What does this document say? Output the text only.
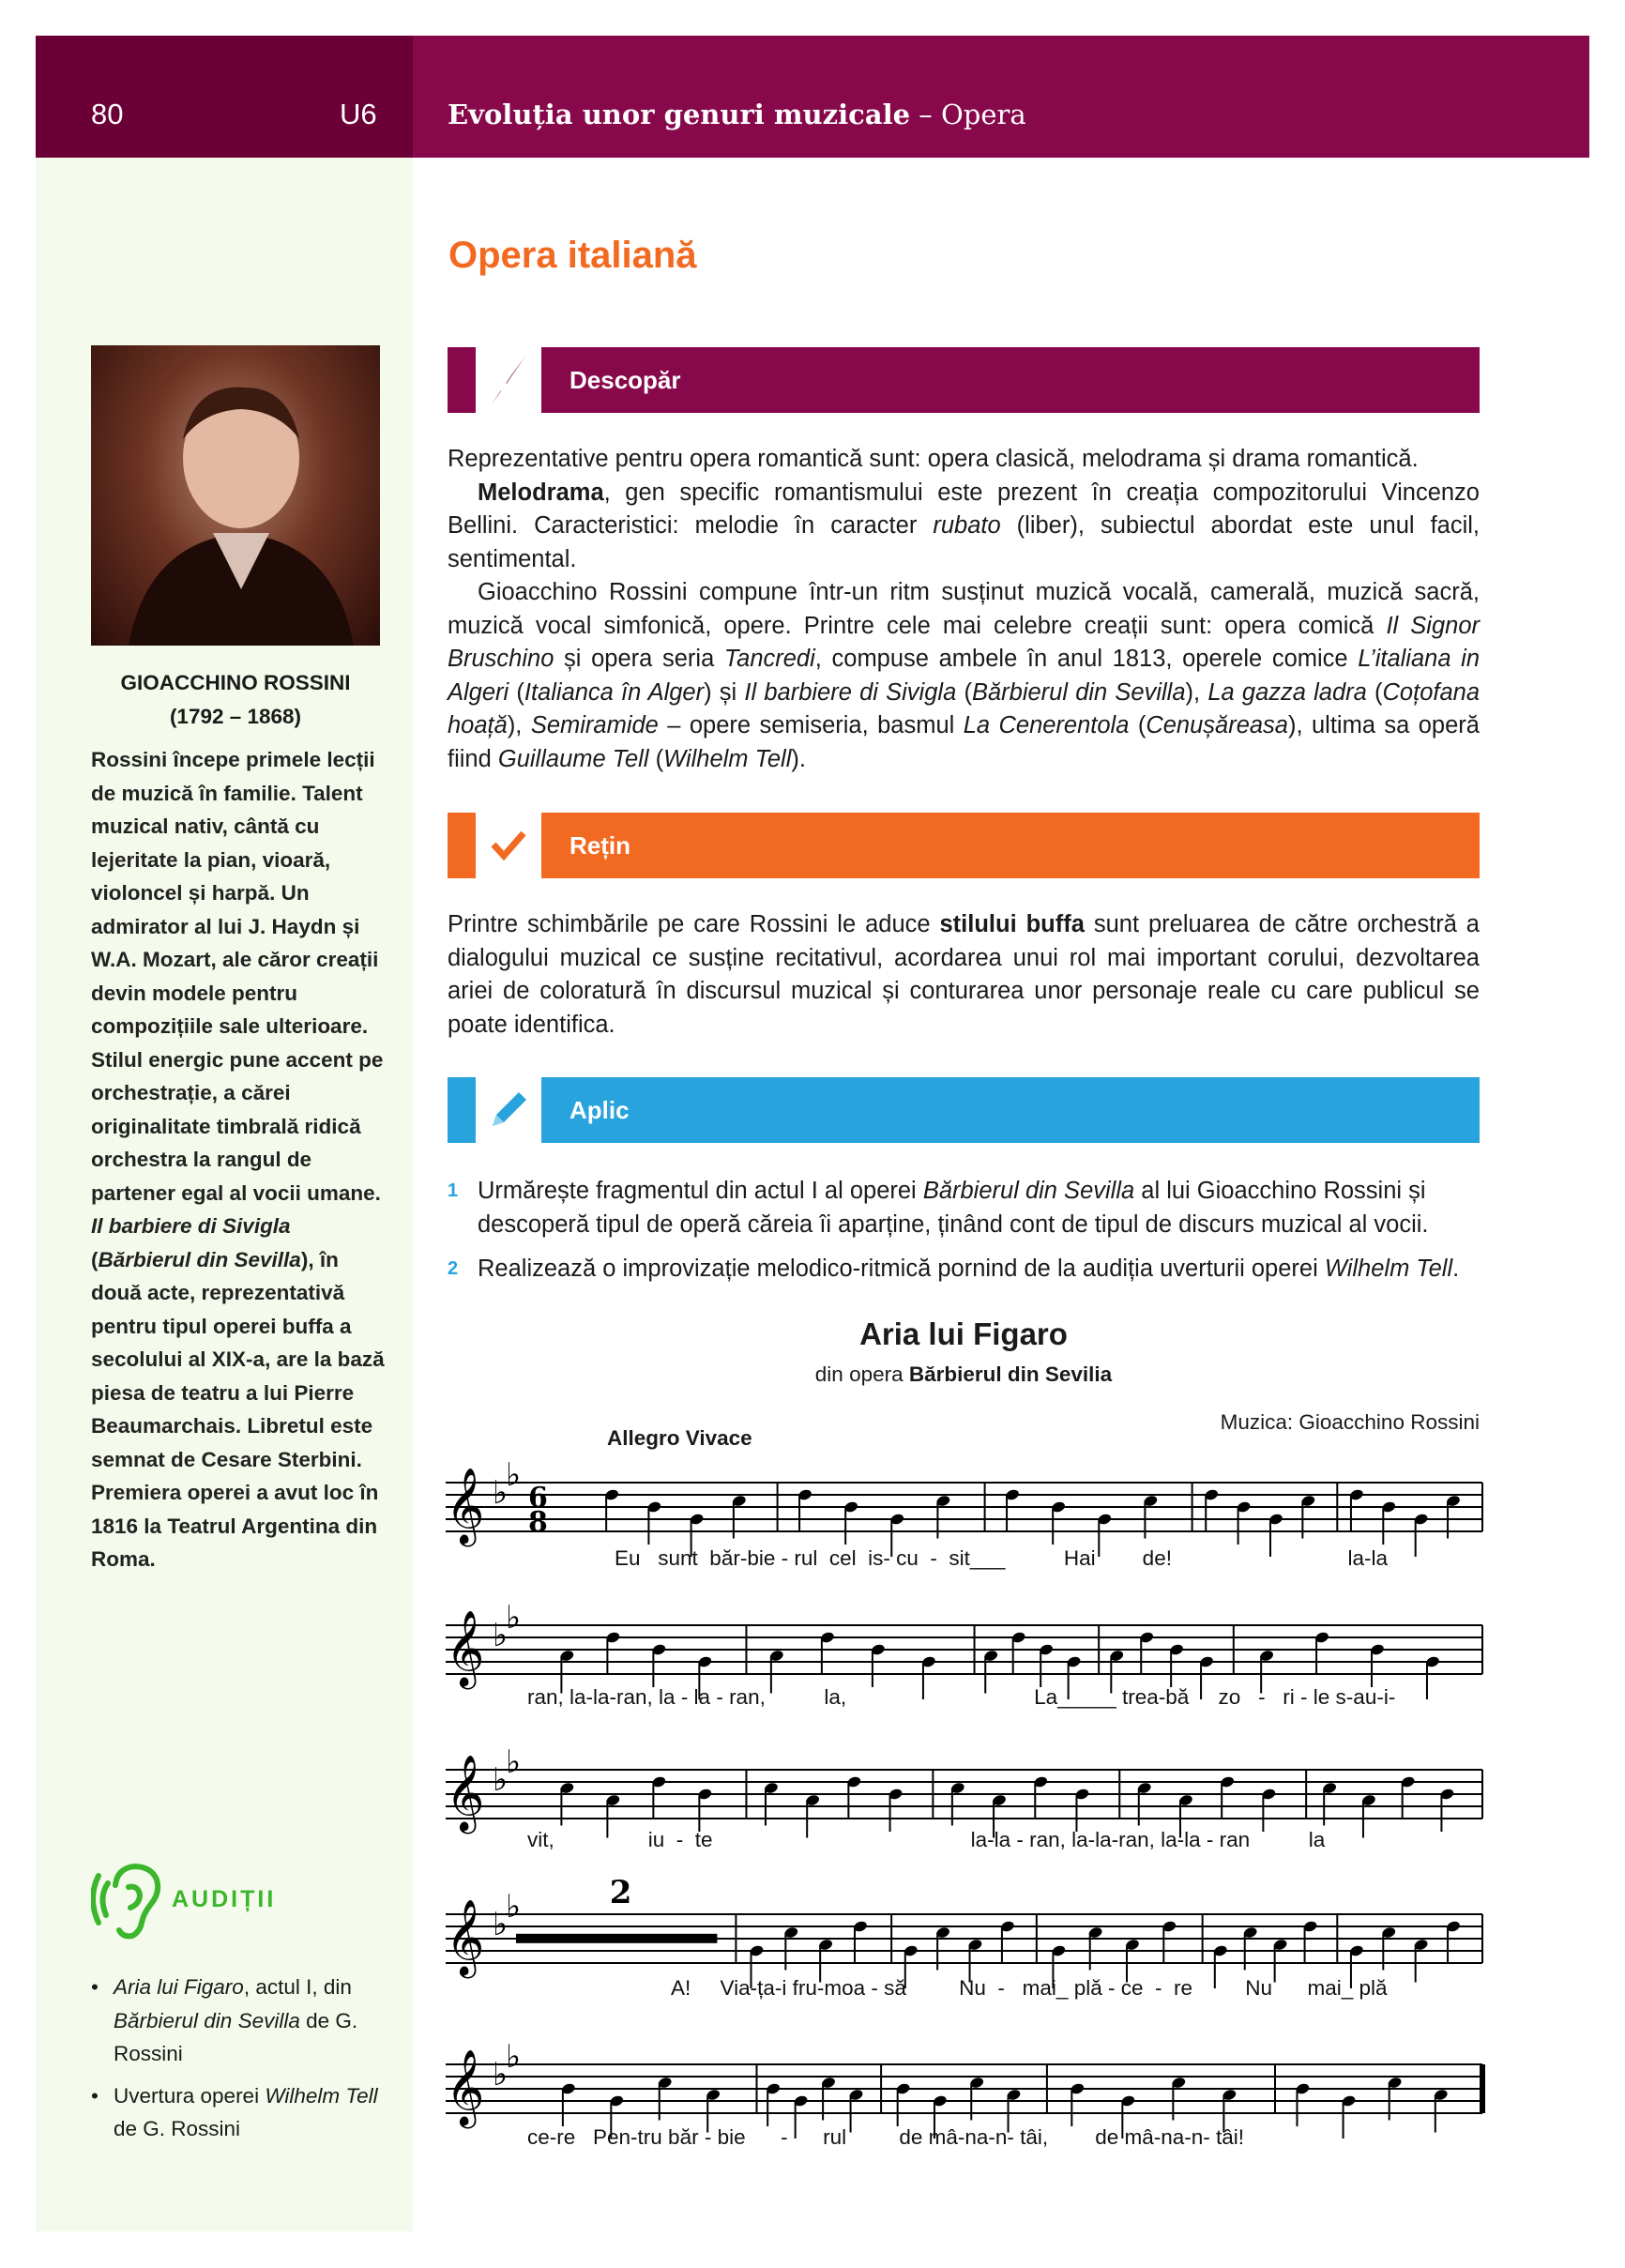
80	U6	Evoluția unor genuri muzicale – Opera
GIOACCHINO ROSSINI
(1792 – 1868)
Rossini începe primele lecții de muzică în familie. Talent muzical nativ, cântă cu lejeritate la pian, vioară, violoncel și harpă. Un admirator al lui J. Haydn și W.A. Mozart, ale căror creații devin modele pentru compozițiile sale ulterioare. Stilul energic pune accent pe orchestrație, a cărei originalitate timbrală ridică orchestra la rangul de partener egal al vocii umane.
Il barbiere di Sivigla (Bărbierul din Sevilla), în două acte, reprezentativă pentru tipul operei buffa a secolului al XIX-a, are la bază piesa de teatru a lui Pierre Beaumarchais. Libretul este semnat de Cesare Sterbini. Premiera operei a avut loc în 1816 la Teatrul Argentina din Roma.
AUDIȚII
• Aria lui Figaro, actul I, din Bărbierul din Sevilla de G. Rossini
• Uvertura operei Wilhelm Tell de G. Rossini
Opera italiană
Descopăr

Reprezentative pentru opera romantică sunt: opera clasică, melodrama și drama romantică.

Melodrama, gen specific romantismului este prezent în creația compozitorului Vincenzo Bellini. Caracteristici: melodie în caracter rubato (liber), subiectul abordat este unul facil, sentimental.

Gioacchino Rossini compune într-un ritm susținut muzică vocală, camerală, muzică sacră, muzică vocal simfonică, opere. Printre cele mai celebre creații sunt: opera comică Il Signor Bruschino și opera seria Tancredi, compuse ambele în anul 1813, operele comice L’italiana in Algeri (Italianca în Alger) și Il barbiere di Sivigla (Bărbierul din Sevilla), La gazza ladra (Coțofana hoață), Semiramide – opere semiseria, basmul La Cenerentola (Cenușăreasa), ultima sa operă fiind Guillaume Tell (Wilhelm Tell).

Rețin

Printre schimbările pe care Rossini le aduce stilului buffa sunt preluarea de către orchestră a dialogului muzical ce susține recitativul, acordarea unui rol mai important corului, dezvoltarea ariei de coloratură în discursul muzical și conturarea unor personaje reale cu care publicul se poate identifica.

Aplic
1 Urmărește fragmentul din actul I al operei Bărbierul din Sevilla al lui Gioacchino Rossini și descoperă tipul de operă căreia îi aparține, ținând cont de tipul de discurs muzical al vocii.
2 Realizează o improvizație melodico-ritmică pornind de la audiția uverturii operei Wilhelm Tell.
Aria lui Figaro
din opera Bărbierul din Sevilia
Allegro Vivace
Muzica: Gioacchino Rossini
𝄞 ♭
♭
6
8
𝄞 ♭
♭
𝄞 ♭
♭
𝄞 ♭
♭	2
𝄞 ♭
♭
Eu   sunt  băr-bie - rul  cel  is- cu  -  sit___          Hai        de!                              la-la
ran, la-la-ran, la - la - ran,          la,                                La_____ trea-bă     zo   -   ri - le s-au-i-
vit,                iu  -  te                                            la-la - ran, la-la-ran, la-la - ran          la
A!     Via-ța-i fru-moa - să         Nu  -   mai_ plă - ce  -  re         Nu      mai_ plă
ce-re   Pen-tru băr - bie      -      rul         de mâ-na-n- tâi,        de mâ-na-n- tâi!
